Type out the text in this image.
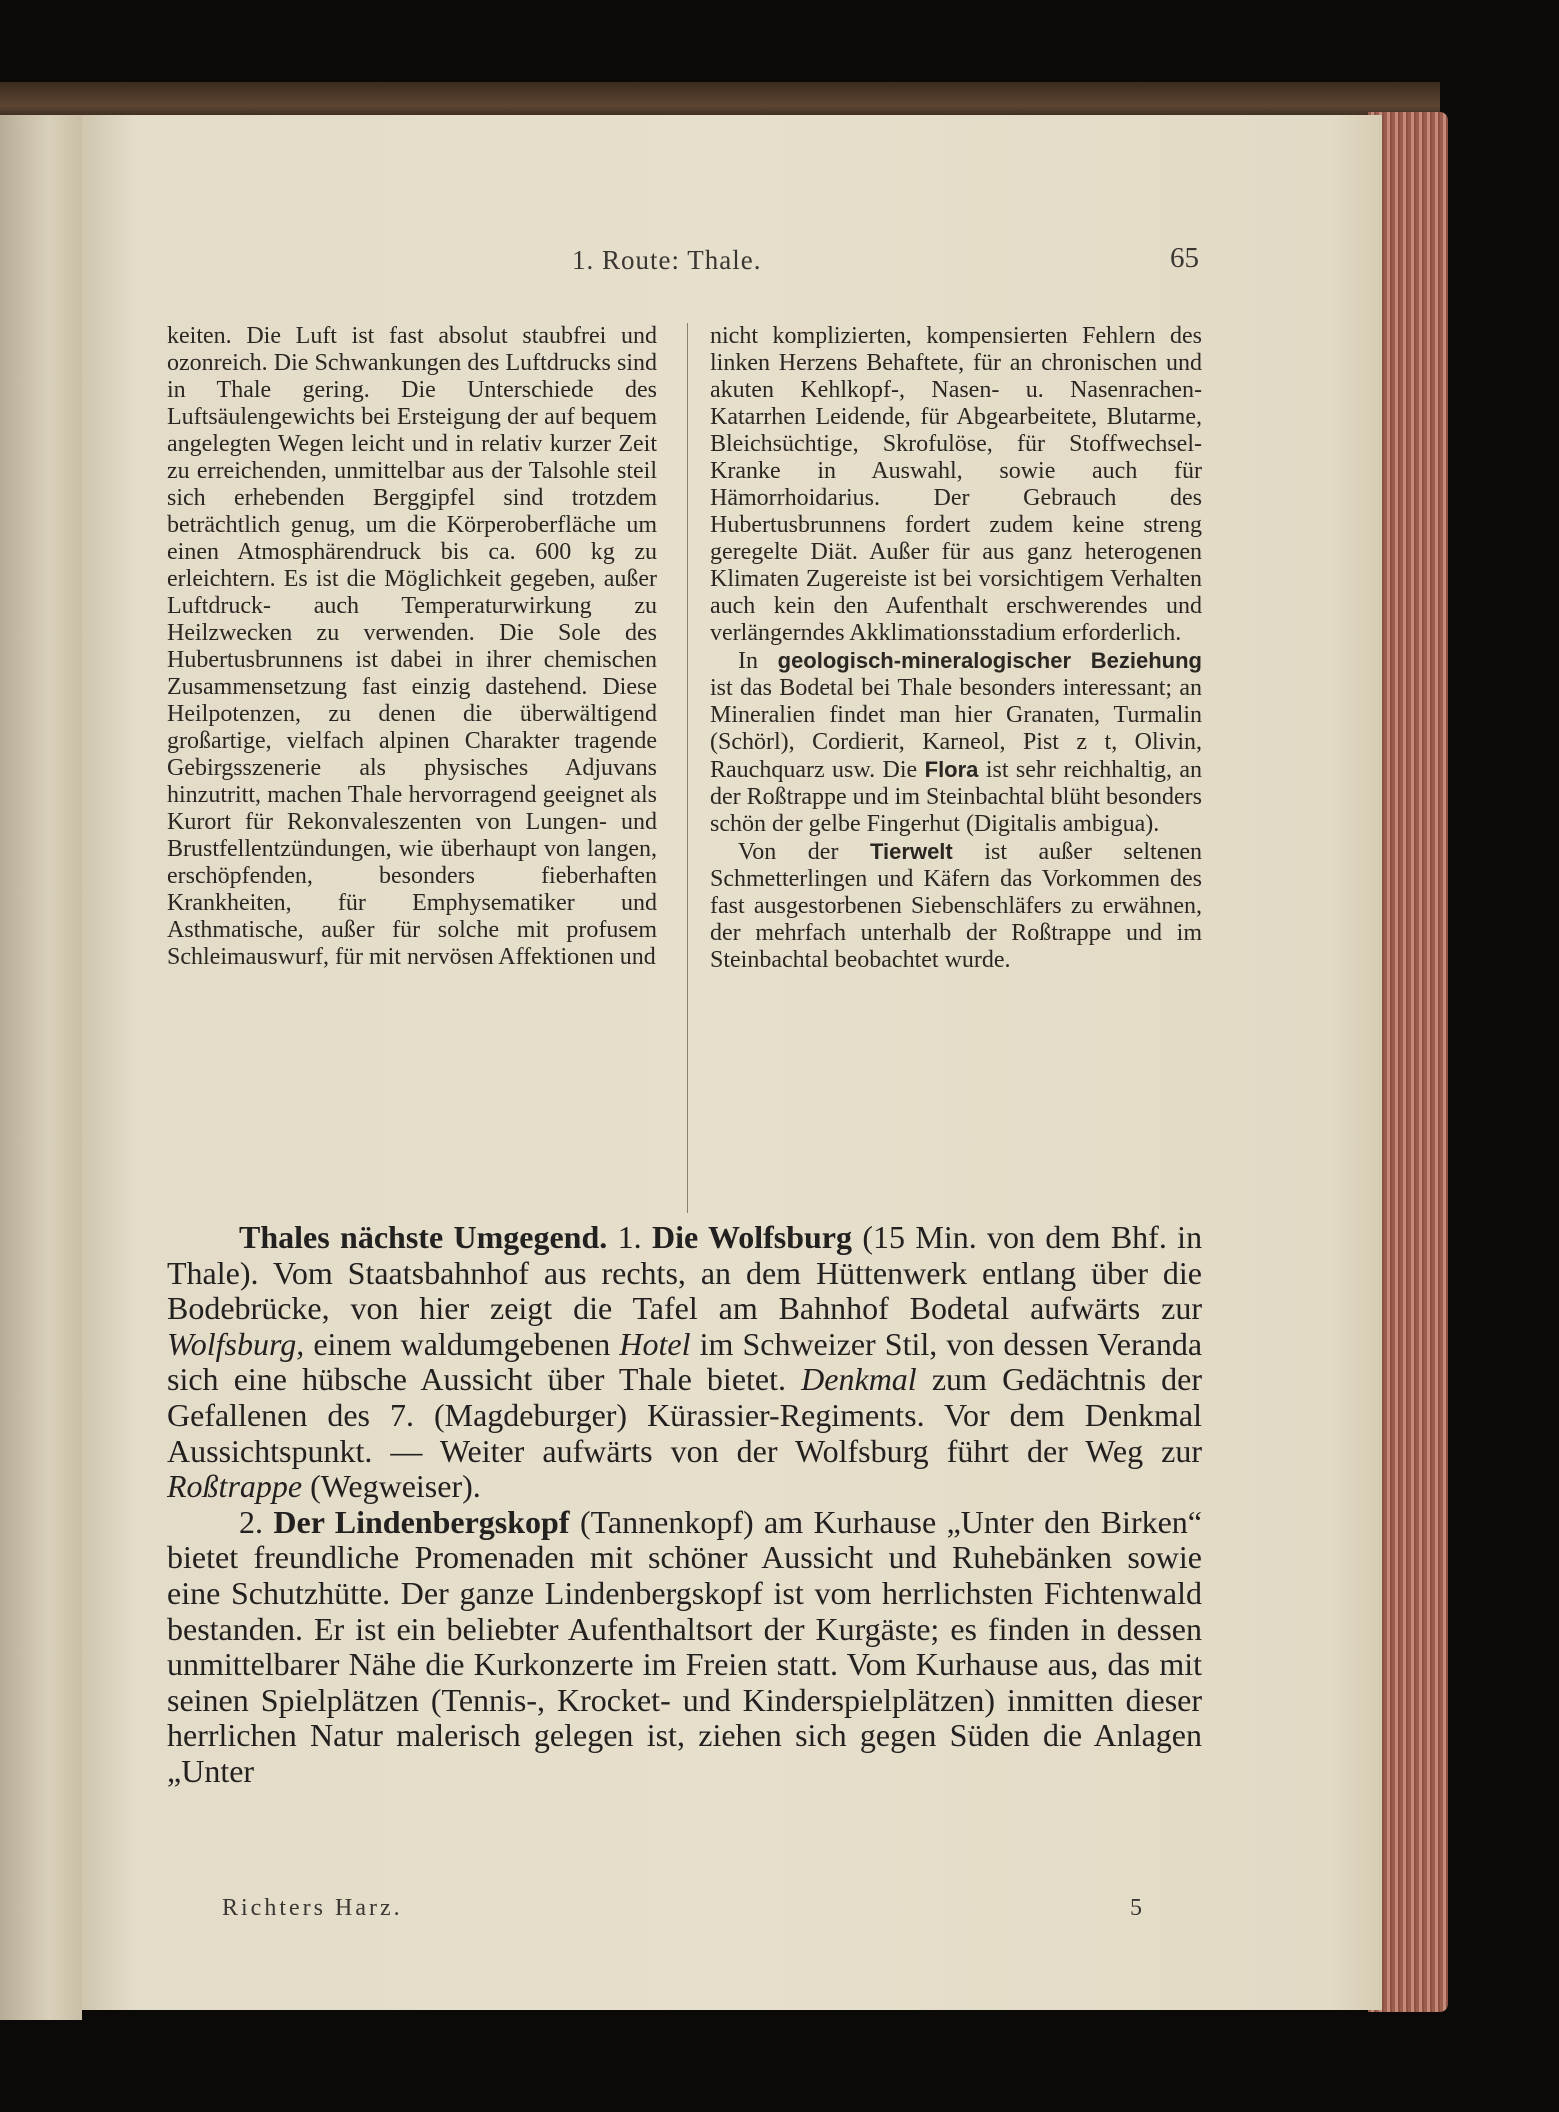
1. Route: Thale.	65

keiten. Die Luft ist fast absolut staubfrei und ozonreich. Die Schwankungen des Luftdrucks sind in Thale gering. Die Unterschiede des Luftsäulengewichts bei Ersteigung der auf bequem angelegten Wegen leicht und in relativ kurzer Zeit zu erreichenden, unmittelbar aus der Talsohle steil sich erhebenden Berggipfel sind trotzdem beträchtlich genug, um die Körperoberfläche um einen Atmosphärendruck bis ca. 600 kg zu erleichtern. Es ist die Möglichkeit gegeben, außer Luftdruck- auch Temperaturwirkung zu Heilzwecken zu verwenden. Die Sole des Hubertusbrunnens ist dabei in ihrer chemischen Zusammensetzung fast einzig dastehend. Diese Heilpotenzen, zu denen die überwältigend großartige, vielfach alpinen Charakter tragende Gebirgsszenerie als physisches Adjuvans hinzutritt, machen Thale hervorragend geeignet als Kurort für Rekonvaleszenten von Lungen- und Brustfellentzündungen, wie überhaupt von langen, erschöpfenden, besonders fieberhaften Krankheiten, für Emphysematiker und Asthmatische, außer für solche mit profusem Schleimauswurf, für mit nervösen Affektionen und

nicht komplizierten, kompensierten Fehlern des linken Herzens Behaftete, für an chronischen und akuten Kehlkopf-, Nasen- u. Nasenrachen-Katarrhen Leidende, für Abgearbeitete, Blutarme, Bleichsüchtige, Skrofulöse, für Stoffwechsel-Kranke in Auswahl, sowie auch für Hämorrhoidarius. Der Gebrauch des Hubertusbrunnens fordert zudem keine streng geregelte Diät. Außer für aus ganz heterogenen Klimaten Zugereiste ist bei vorsichtigem Verhalten auch kein den Aufenthalt erschwerendes und verlängerndes Akklimationsstadium erforderlich.

In geologisch-mineralogischer Beziehung ist das Bodetal bei Thale besonders interessant; an Mineralien findet man hier Granaten, Turmalin (Schörl), Cordierit, Karneol, Pist z t, Olivin, Rauchquarz usw. Die Flora ist sehr reichhaltig, an der Roßtrappe und im Steinbachtal blüht besonders schön der gelbe Fingerhut (Digitalis ambigua).

Von der Tierwelt ist außer seltenen Schmetterlingen und Käfern das Vorkommen des fast ausgestorbenen Siebenschläfers zu erwähnen, der mehrfach unterhalb der Roßtrappe und im Steinbachtal beobachtet wurde.

Thales nächste Umgegend. 1. Die Wolfsburg (15 Min. von dem Bhf. in Thale). Vom Staatsbahnhof aus rechts, an dem Hüttenwerk entlang über die Bodebrücke, von hier zeigt die Tafel am Bahnhof Bodetal aufwärts zur Wolfsburg, einem waldumgebenen Hotel im Schweizer Stil, von dessen Veranda sich eine hübsche Aussicht über Thale bietet. Denkmal zum Gedächtnis der Gefallenen des 7. (Magdeburger) Kürassier-Regiments. Vor dem Denkmal Aussichtspunkt. — Weiter aufwärts von der Wolfsburg führt der Weg zur Roßtrappe (Wegweiser).

2. Der Lindenbergskopf (Tannenkopf) am Kurhause „Unter den Birken“ bietet freundliche Promenaden mit schöner Aussicht und Ruhebänken sowie eine Schutzhütte. Der ganze Lindenbergskopf ist vom herrlichsten Fichtenwald bestanden. Er ist ein beliebter Aufenthaltsort der Kurgäste; es finden in dessen unmittelbarer Nähe die Kurkonzerte im Freien statt. Vom Kurhause aus, das mit seinen Spielplätzen (Tennis-, Krocket- und Kinderspielplätzen) inmitten dieser herrlichen Natur malerisch gelegen ist, ziehen sich gegen Süden die Anlagen „Unter

Richters Harz.	5
